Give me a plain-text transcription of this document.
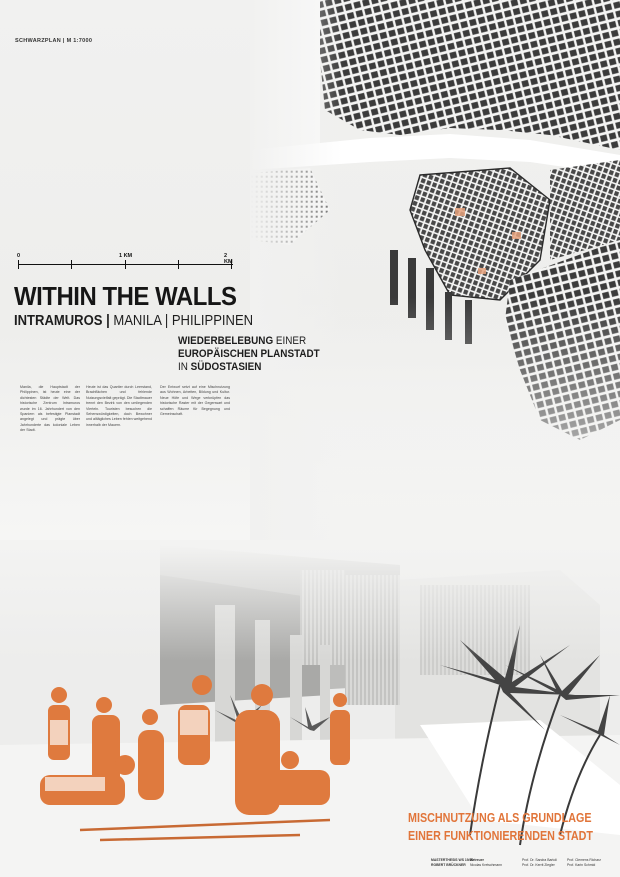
SCHWARZPLAN | M 1:7000
0	1 KM	2 KM
WITHIN THE WALLS
INTRAMUROS | MANILA | PHILIPPINEN
WIEDERBELEBUNG EINER
EUROPÄISCHEN PLANSTADT
IN SÜDOSTASIEN
Manila, die Hauptstadt der Philippinen, ist heute eine der dichtesten Städte der Welt. Das historische Zentrum Intramuros wurde im 16. Jahrhundert von den Spaniern als befestigte Planstadt angelegt und prägte über Jahrhunderte das koloniale Leben der Stadt.
Heute ist das Quartier durch Leerstand, Brachflächen und fehlende Nutzungsvielfalt geprägt. Die Stadtmauer trennt den Bezirk von den umliegenden Vierteln. Touristen besuchen die Sehenswürdigkeiten, doch Bewohner und alltägliches Leben fehlen weitgehend innerhalb der Mauern.
Der Entwurf setzt auf eine Mischnutzung aus Wohnen, Arbeiten, Bildung und Kultur. Neue Höfe und Wege verknüpfen das historische Raster mit der Gegenwart und schaffen Räume für Begegnung und Gemeinschaft.
MISCHNUTZUNG ALS GRUNDLAGE
EINER FUNKTIONIERENDEN STADT
MASTERTHESIS WS 19/20
ROBERT BRÜCKNER
Betreuer
Nicolas Kretschmann
Prof. Dr. Sandra Bartoli
Prof. Dr. Kerrit Ziegler
Prof. Clemens Richarz
Prof. Karin Schmid
